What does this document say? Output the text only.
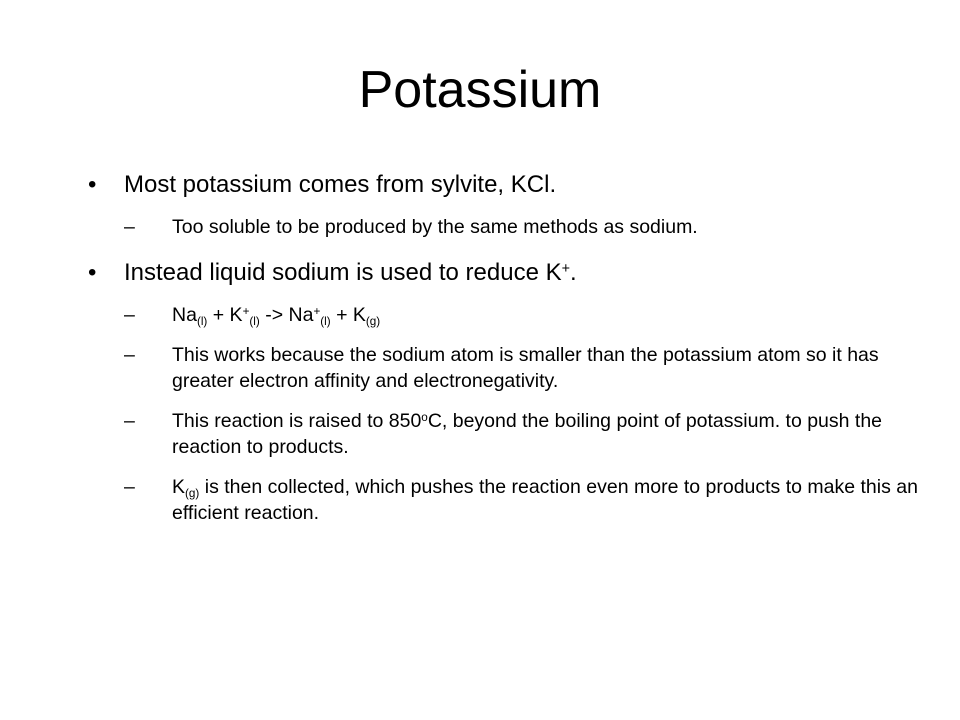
Potassium
•	Most potassium comes from sylvite, KCl.
–	Too soluble to be produced by the same methods as sodium.
•	Instead liquid sodium is used to reduce K+.
–	$Na_{(l)} + K^+_{(l)} -> Na^+_{(l)} + K_{(g)}$
–	This works because the sodium atom is smaller than the potassium atom so it has greater electron affinity and electronegativity.
–	This reaction is raised to 850$^o$C, beyond the boiling point of potassium. to push the reaction to products.
–	$K_{(g)}$ is then collected, which pushes the reaction even more to products to make this an efficient reaction.
